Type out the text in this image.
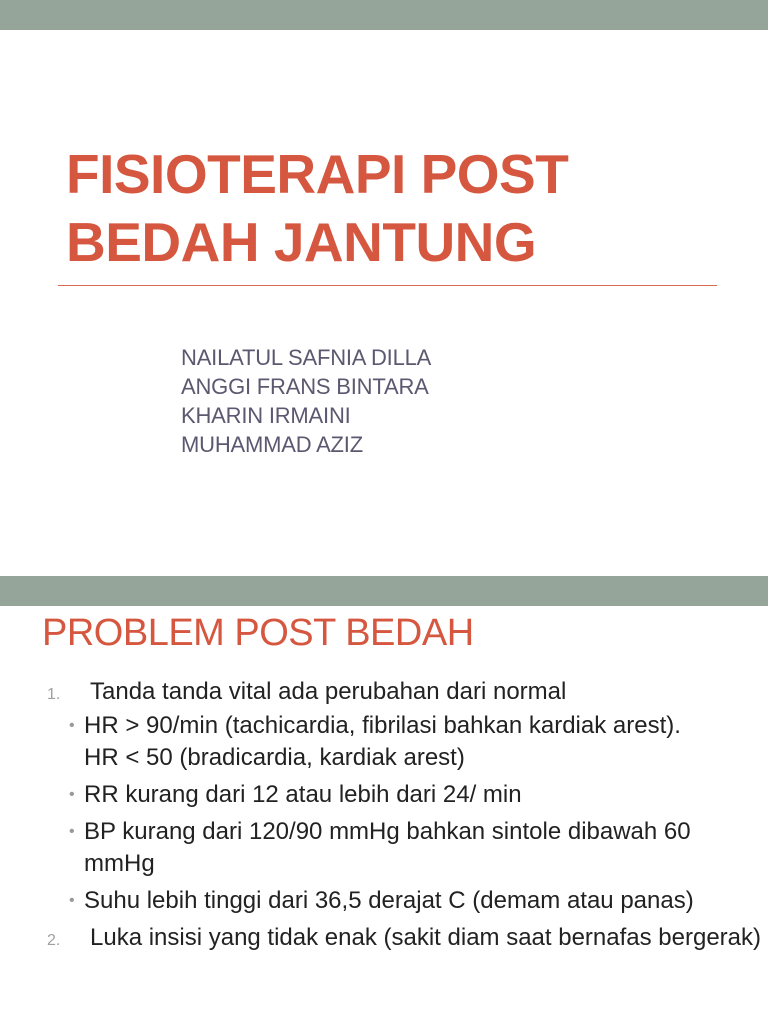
FISIOTERAPI POST
BEDAH JANTUNG
NAILATUL SAFNIA DILLA
ANGGI FRANS BINTARA
KHARIN IRMAINI
MUHAMMAD AZIZ
PROBLEM POST BEDAH
1. Tanda tanda vital ada perubahan dari normal
• HR > 90/min (tachicardia, fibrilasi bahkan kardiak arest). HR < 50 (bradicardia, kardiak arest)
• RR kurang dari 12 atau lebih dari 24/ min
• BP kurang dari 120/90 mmHg bahkan sintole dibawah 60 mmHg
• Suhu lebih tinggi dari 36,5 derajat C (demam atau panas)
2. Luka insisi yang tidak enak (sakit diam saat bernafas bergerak)
